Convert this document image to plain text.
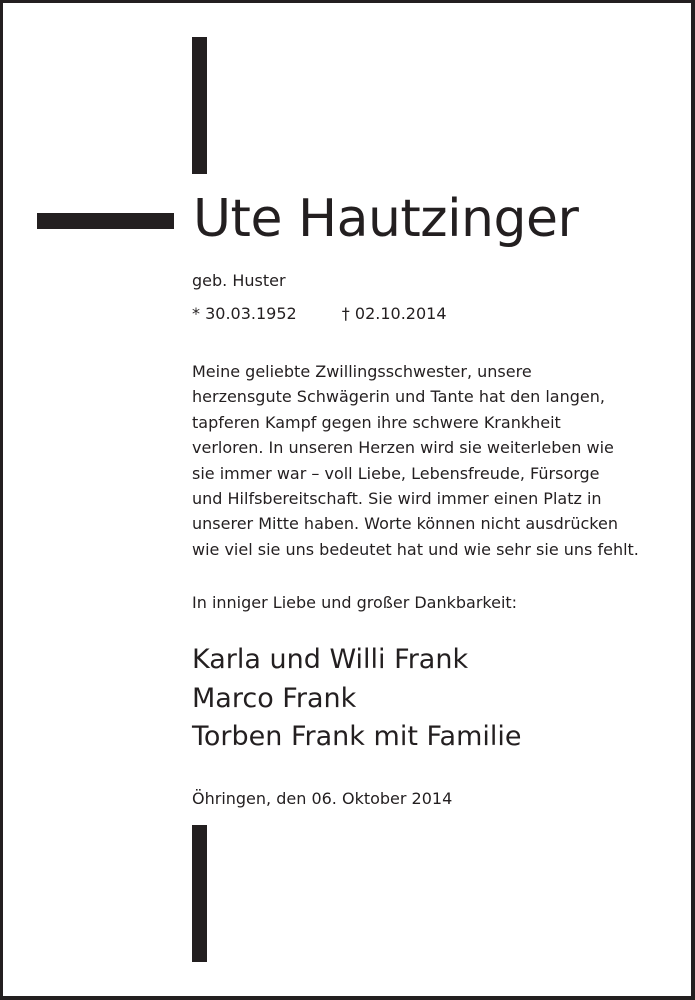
Ute Hautzinger
geb. Huster
* 30.03.1952	† 02.10.2014
Meine geliebte Zwillingsschwester, unsere
herzensgute Schwägerin und Tante hat den langen,
tapferen Kampf gegen ihre schwere Krankheit
verloren. In unseren Herzen wird sie weiterleben wie
sie immer war – voll Liebe, Lebensfreude, Fürsorge
und Hilfsbereitschaft. Sie wird immer einen Platz in
unserer Mitte haben. Worte können nicht ausdrücken
wie viel sie uns bedeutet hat und wie sehr sie uns fehlt.
In inniger Liebe und großer Dankbarkeit:
Karla und Willi Frank
Marco Frank
Torben Frank mit Familie
Öhringen, den 06. Oktober 2014
